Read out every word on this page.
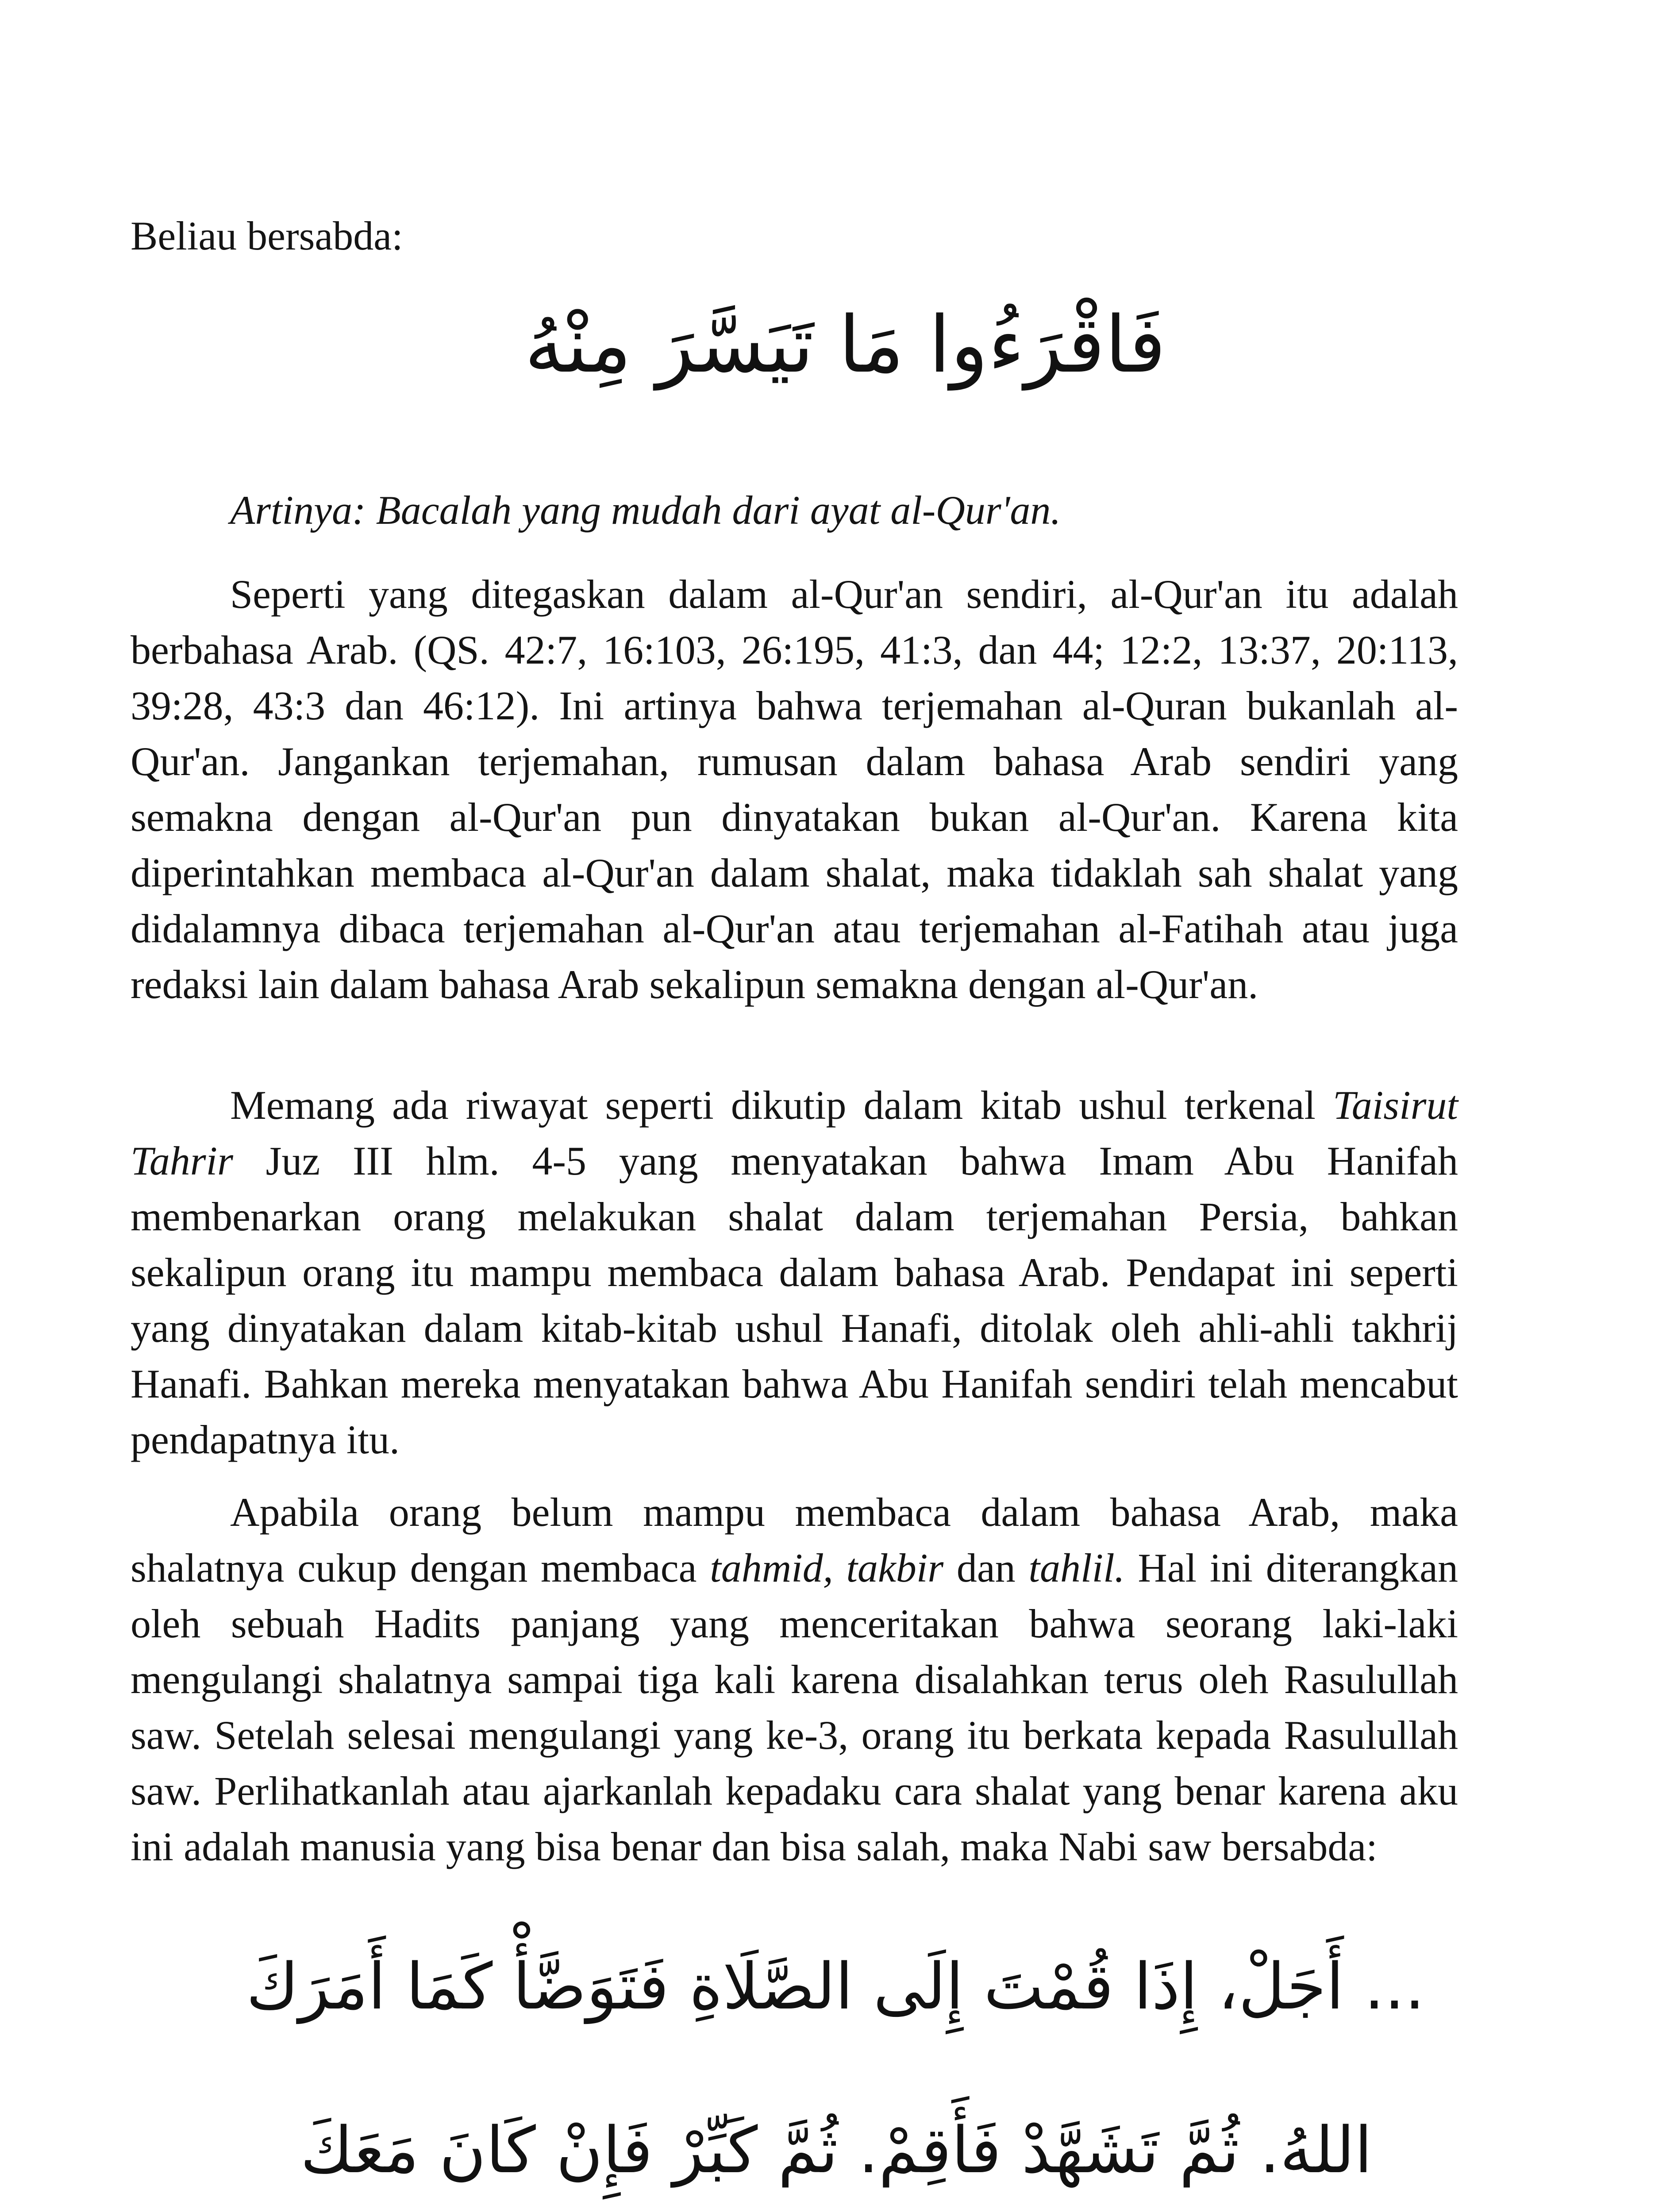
Beliau bersabda:
فَاقْرَءُوا مَا تَيَسَّرَ مِنْهُ
Artinya: Bacalah yang mudah dari ayat al-Qur'an.
Seperti yang ditegaskan dalam al-Qur'an sendiri, al-Qur'an itu adalah berbahasa Arab. (QS. 42:7, 16:103, 26:195, 41:3, dan 44; 12:2, 13:37, 20:113, 39:28, 43:3 dan 46:12). Ini artinya bahwa terjemahan al-Quran bukanlah al-Qur'an. Jangankan terjemahan, rumusan dalam bahasa Arab sendiri yang semakna dengan al-Qur'an pun dinyatakan bukan al-Qur'an. Karena kita diperintahkan membaca al-Qur'an dalam shalat, maka tidaklah sah shalat yang didalamnya dibaca terjemahan al-Qur'an atau terjemahan al-Fatihah atau juga redaksi lain dalam bahasa Arab sekalipun semakna dengan al-Qur'an.
Memang ada riwayat seperti dikutip dalam kitab ushul terkenal Taisirut Tahrir Juz III hlm. 4-5 yang menyatakan bahwa Imam Abu Hanifah membenarkan orang melakukan shalat dalam terjemahan Persia, bahkan sekalipun orang itu mampu membaca dalam bahasa Arab. Pendapat ini seperti yang dinyatakan dalam kitab-kitab ushul Hanafi, ditolak oleh ahli-ahli takhrij Hanafi. Bahkan mereka menyatakan bahwa Abu Hanifah sendiri telah mencabut pendapatnya itu.
Apabila orang belum mampu membaca dalam bahasa Arab, maka shalatnya cukup dengan membaca tahmid, takbir dan tahlil. Hal ini diterangkan oleh sebuah Hadits panjang yang menceritakan bahwa seorang laki-laki mengulangi shalatnya sampai tiga kali karena disalahkan terus oleh Rasulullah saw. Setelah selesai mengulangi yang ke-3, orang itu berkata kepada Rasulullah saw. Perlihatkanlah atau ajarkanlah kepadaku cara shalat yang benar karena aku ini adalah manusia yang bisa benar dan bisa salah, maka Nabi saw bersabda:
... أَجَلْ، إِذَا قُمْتَ إِلَى الصَّلَاةِ فَتَوَضَّأْ كَمَا أَمَرَكَ
اللهُ. ثُمَّ تَشَهَّدْ فَأَقِمْ. ثُمَّ كَبِّرْ فَإِنْ كَانَ مَعَكَ
